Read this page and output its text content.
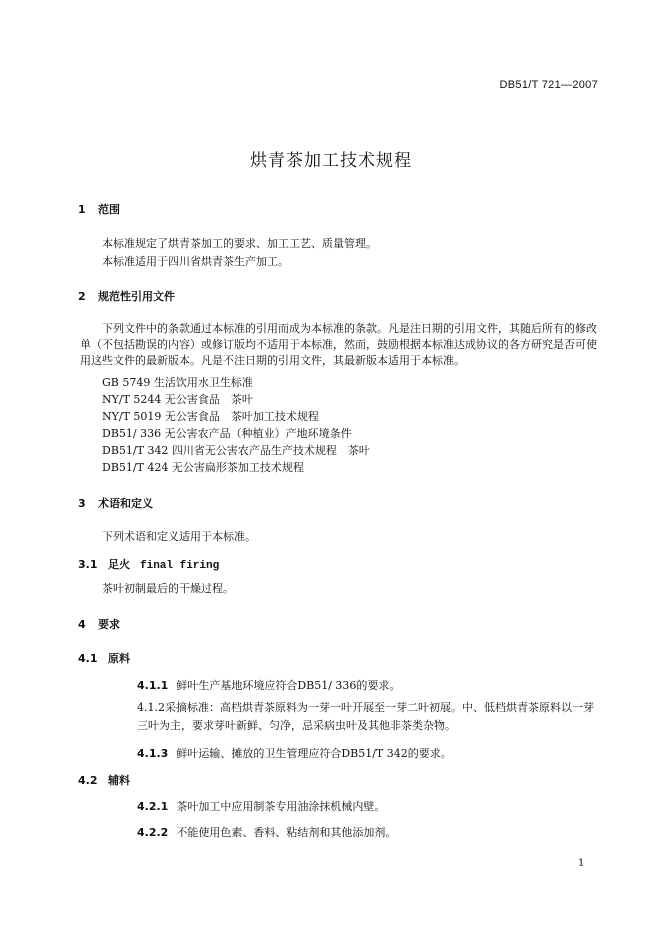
DB51/T 721—2007
烘青茶加工技术规程
1 范围
本标准规定了烘青茶加工的要求、加工工艺、质量管理。
本标准适用于四川省烘青茶生产加工。
2 规范性引用文件
下列文件中的条款通过本标准的引用而成为本标准的条款。凡是注日期的引用文件，其随后所有的修改单（不包括勘误的内容）或修订版均不适用于本标准，然而，鼓励根据本标准达成协议的各方研究是否可使用这些文件的最新版本。凡是不注日期的引用文件，其最新版本适用于本标准。
GB 5749 生活饮用水卫生标准
NY/T 5244 无公害食品　茶叶
NY/T 5019 无公害食品　茶叶加工技术规程
DB51/ 336 无公害农产品（种植业）产地环境条件
DB51/T 342 四川省无公害农产品生产技术规程　茶叶
DB51/T 424 无公害扁形茶加工技术规程
3 术语和定义
下列术语和定义适用于本标准。
3.1 足火 final firing
茶叶初制最后的干燥过程。
4 要求
4.1 原料
4.1.1 鲜叶生产基地环境应符合DB51/ 336的要求。
4.1.2采摘标准：高档烘青茶原料为一芽一叶开展至一芽二叶初展。中、低档烘青茶原料以一芽三叶为主，要求芽叶新鲜、匀净，忌采病虫叶及其他非茶类杂物。
4.1.3 鲜叶运输、摊放的卫生管理应符合DB51/T 342的要求。
4.2 辅料
4.2.1 茶叶加工中应用制茶专用油涂抹机械内壁。
4.2.2 不能使用色素、香料、粘结剂和其他添加剂。
1
